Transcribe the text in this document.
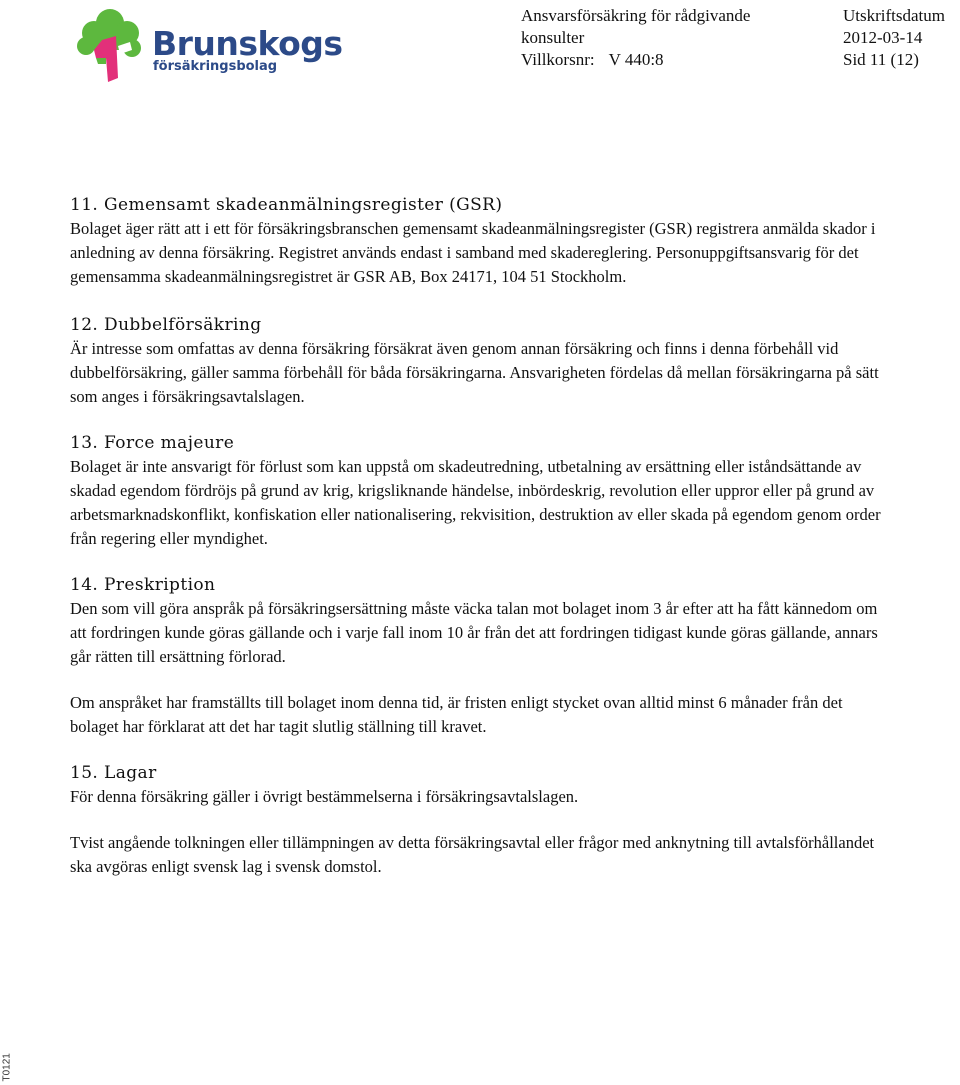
Brunskogs
försäkringsbolag
Ansvarsförsäkring för rådgivande
konsulter
Villkorsnr: V 440:8
Utskriftsdatum
2012-03-14
Sid 11 (12)
11. Gemensamt skadeanmälningsregister (GSR)

Bolaget äger rätt att i ett för försäkringsbranschen gemensamt skadeanmälningsregister (GSR) registrera anmälda skador i anledning av denna försäkring. Registret används endast i samband med skadereglering. Personuppgiftsansvarig för det gemensamma skadeanmälningsregistret är GSR AB, Box 24171, 104 51 Stockholm.

12. Dubbelförsäkring

Är intresse som omfattas av denna försäkring försäkrat även genom annan försäkring och finns i denna förbehåll vid dubbelförsäkring, gäller samma förbehåll för båda försäkringarna. Ansvarigheten fördelas då mellan försäkringarna på sätt som anges i försäkringsavtalslagen.

13. Force majeure

Bolaget är inte ansvarigt för förlust som kan uppstå om skadeutredning, utbetalning av ersättning eller iståndsättande av skadad egendom fördröjs på grund av krig, krigsliknande händelse, inbördeskrig, revolution eller uppror eller på grund av arbetsmarknadskonflikt, konfiskation eller nationalisering, rekvisition, destruktion av eller skada på egendom genom order från regering eller myndighet.

14. Preskription

Den som vill göra anspråk på försäkringsersättning måste väcka talan mot bolaget inom 3 år efter att ha fått kännedom om att fordringen kunde göras gällande och i varje fall inom 10 år från det att fordringen tidigast kunde göras gällande, annars går rätten till ersättning förlorad.

Om anspråket har framställts till bolaget inom denna tid, är fristen enligt stycket ovan alltid minst 6 månader från det bolaget har förklarat att det har tagit slutlig ställning till kravet.

15. Lagar

För denna försäkring gäller i övrigt bestämmelserna i försäkringsavtalslagen.

Tvist angående tolkningen eller tillämpningen av detta försäkringsavtal eller frågor med anknytning till avtalsförhållandet ska avgöras enligt svensk lag i svensk domstol.

T0121
